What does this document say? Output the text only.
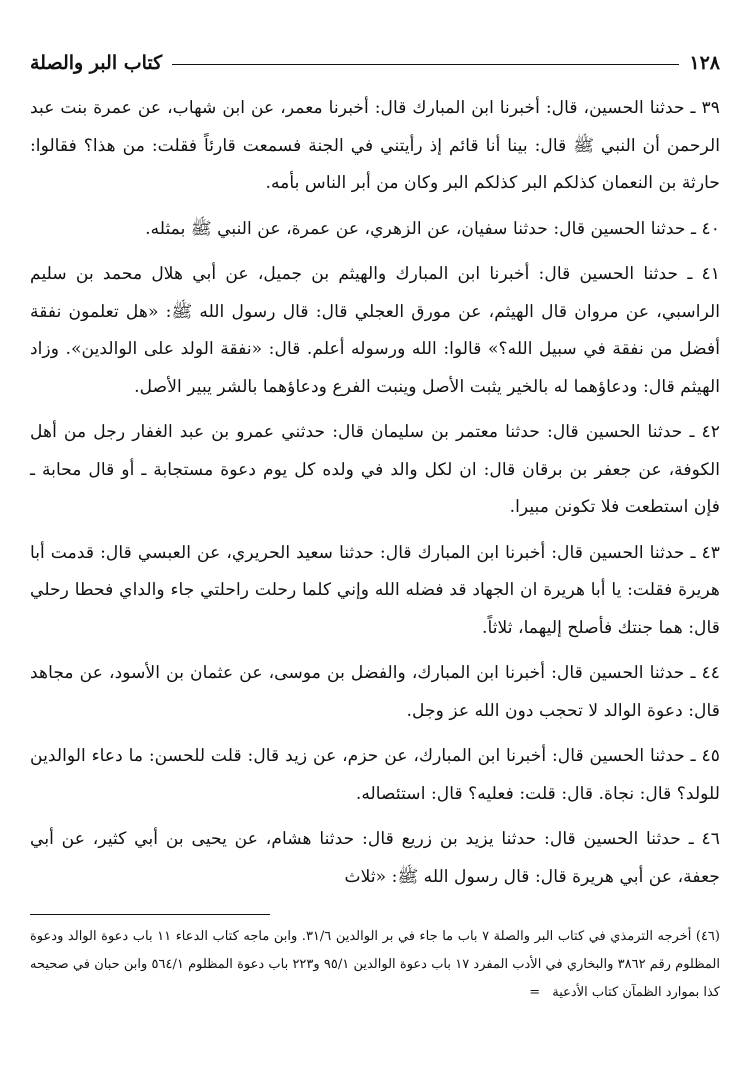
١٢٨
كتاب البر والصلة

٣٩ ـ حدثنا الحسين، قال: أخبرنا ابن المبارك قال: أخبرنا معمر، عن ابن شهاب، عن عمرة بنت عبد الرحمن أن النبي ﷺ قال: بينا أنا قائم إذ رأيتني في الجنة فسمعت قارئاً فقلت: من هذا؟ فقالوا: حارثة بن النعمان كذلكم البر كذلكم البر وكان من أبر الناس بأمه.

٤٠ ـ حدثنا الحسين قال: حدثنا سفيان، عن الزهري، عن عمرة، عن النبي ﷺ بمثله.

٤١ ـ حدثنا الحسين قال: أخبرنا ابن المبارك والهيثم بن جميل، عن أبي هلال محمد بن سليم الراسبي، عن مروان قال الهيثم، عن مورق العجلي قال: قال رسول الله ﷺ: «هل تعلمون نفقة أفضل من نفقة في سبيل الله؟» قالوا: الله ورسوله أعلم. قال: «نفقة الولد على الوالدين». وزاد الهيثم قال: ودعاؤهما له بالخير يثبت الأصل وينبت الفرع ودعاؤهما بالشر يبير الأصل.

٤٢ ـ حدثنا الحسين قال: حدثنا معتمر بن سليمان قال: حدثني عمرو بن عبد الغفار رجل من أهل الكوفة، عن جعفر بن برقان قال: ان لكل والد في ولده كل يوم دعوة مستجابة ـ أو قال محابة ـ فإن استطعت فلا تكونن مبيرا.

٤٣ ـ حدثنا الحسين قال: أخبرنا ابن المبارك قال: حدثنا سعيد الحريري، عن العبسي قال: قدمت أبا هريرة فقلت: يا أبا هريرة ان الجهاد قد فضله الله وإني كلما رحلت راحلتي جاء والداي فحطا رحلي قال: هما جنتك فأصلح إليهما، ثلاثاً.

٤٤ ـ حدثنا الحسين قال: أخبرنا ابن المبارك، والفضل بن موسى، عن عثمان بن الأسود، عن مجاهد قال: دعوة الوالد لا تحجب دون الله عز وجل.

٤٥ ـ حدثنا الحسين قال: أخبرنا ابن المبارك، عن حزم، عن زيد قال: قلت للحسن: ما دعاء الوالدين للولد؟ قال: نجاة. قال: قلت: فعليه؟ قال: استئصاله.

٤٦ ـ حدثنا الحسين قال: حدثنا يزيد بن زريع قال: حدثنا هشام، عن يحيى بن أبي كثير، عن أبي جعفة، عن أبي هريرة قال: قال رسول الله ﷺ: «ثلاث

(٤٦) أخرجه الترمذي في كتاب البر والصلة ٧ باب ما جاء في بر الوالدين ٣١/٦. وابن ماجه كتاب الدعاء ١١ باب دعوة الوالد ودعوة المظلوم رقم ٣٨٦٢ والبخاري في الأدب المفرد ١٧ باب دعوة الوالدين ٩٥/١ و٢٢٣ باب دعوة المظلوم ٥٦٤/١ وابن حبان في صحيحه كذا بموارد الظمآن كتاب الأدعية =
